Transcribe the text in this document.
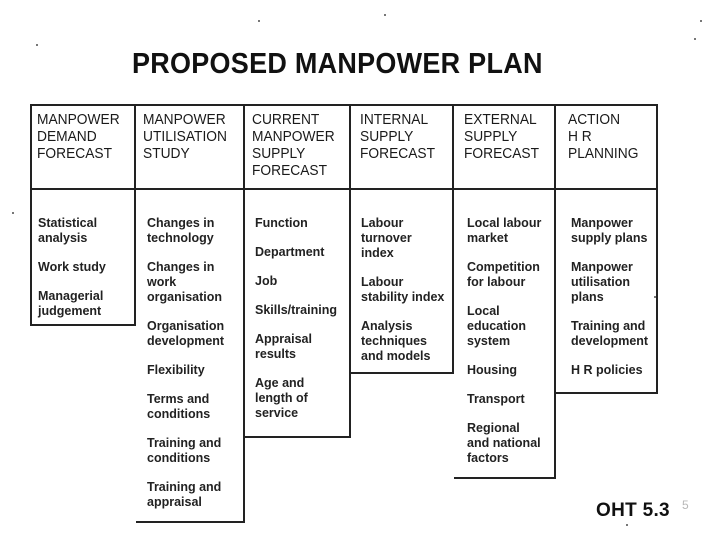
PROPOSED MANPOWER PLAN
MANPOWER
DEMAND
FORECAST
MANPOWER
UTILISATION
STUDY
CURRENT
MANPOWER
SUPPLY
FORECAST
INTERNAL
SUPPLY
FORECAST
EXTERNAL
SUPPLY
FORECAST
ACTION
H R
PLANNING
Statistical
analysis
Work study
Managerial
judgement
Changes in
technology
Changes in
work
organisation
Organisation
development
Flexibility
Terms and
conditions
Training and
conditions
Training and
appraisal
Function
Department
Job
Skills/training
Appraisal
results
Age and
length of
service
Labour
turnover
index
Labour
stability index
Analysis
techniques
and models
Local labour
market
Competition
for labour
Local
education
system
Housing
Transport
Regional
and national
factors
Manpower
supply plans
Manpower
utilisation
plans
Training and
development
H R policies
OHT 5.3 5
